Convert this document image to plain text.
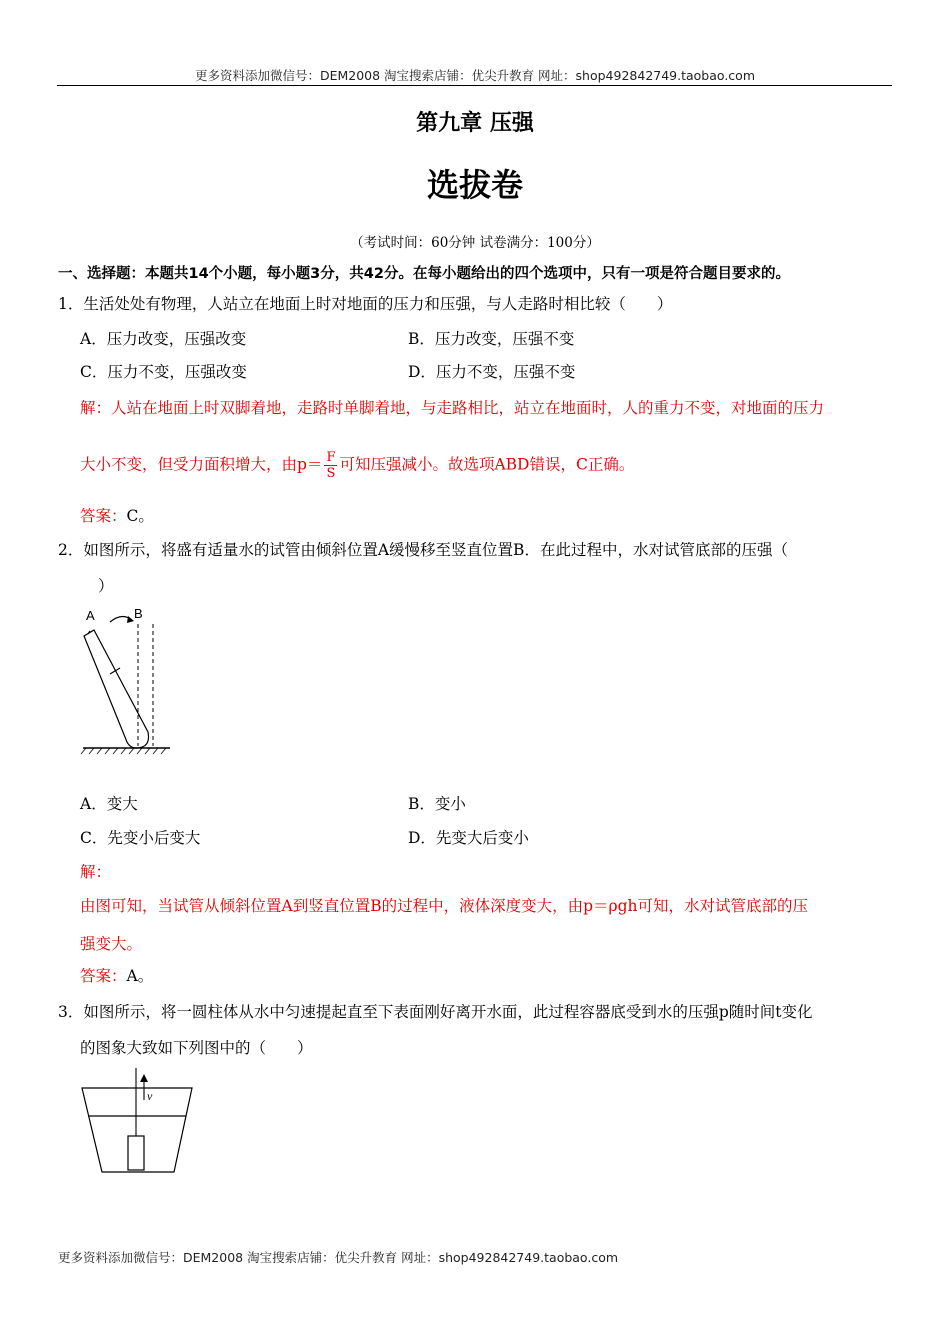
更多资料添加微信号：DEM2008 淘宝搜索店铺：优尖升教育 网址：shop492842749.taobao.com
第九章 压强
选拔卷
（考试时间：60分钟 试卷满分：100分）
一、选择题：本题共14个小题，每小题3分，共42分。在每小题给出的四个选项中，只有一项是符合题目要求的。
1．生活处处有物理，人站立在地面上时对地面的压力和压强，与人走路时相比较（　　）
A．压力改变，压强改变	B．压力改变，压强不变
C．压力不变，压强改变	D．压力不变，压强不变
解：人站在地面上时双脚着地，走路时单脚着地，与走路相比，站立在地面时，人的重力不变，对地面的压力
大小不变，但受力面积增大，由$p= \frac{F}{S}$ 可知压强减小。故选项ABD错误，C正确。
答案：C。
2．如图所示，将盛有适量水的试管由倾斜位置A缓慢移至竖直位置B．在此过程中，水对试管底部的压强（
）
A	B
A．变大	B．变小
C．先变小后变大	D．先变大后变小
解：
由图可知，当试管从倾斜位置A到竖直位置B的过程中，液体深度变大，由p＝ρgh可知，水对试管底部的压
强变大。
答案：A。
3．如图所示，将一圆柱体从水中匀速提起直至下表面刚好离开水面，此过程容器底受到水的压强p随时间t变化
的图象大致如下列图中的（　　）
v
更多资料添加微信号：DEM2008 淘宝搜索店铺：优尖升教育 网址：shop492842749.taobao.com
